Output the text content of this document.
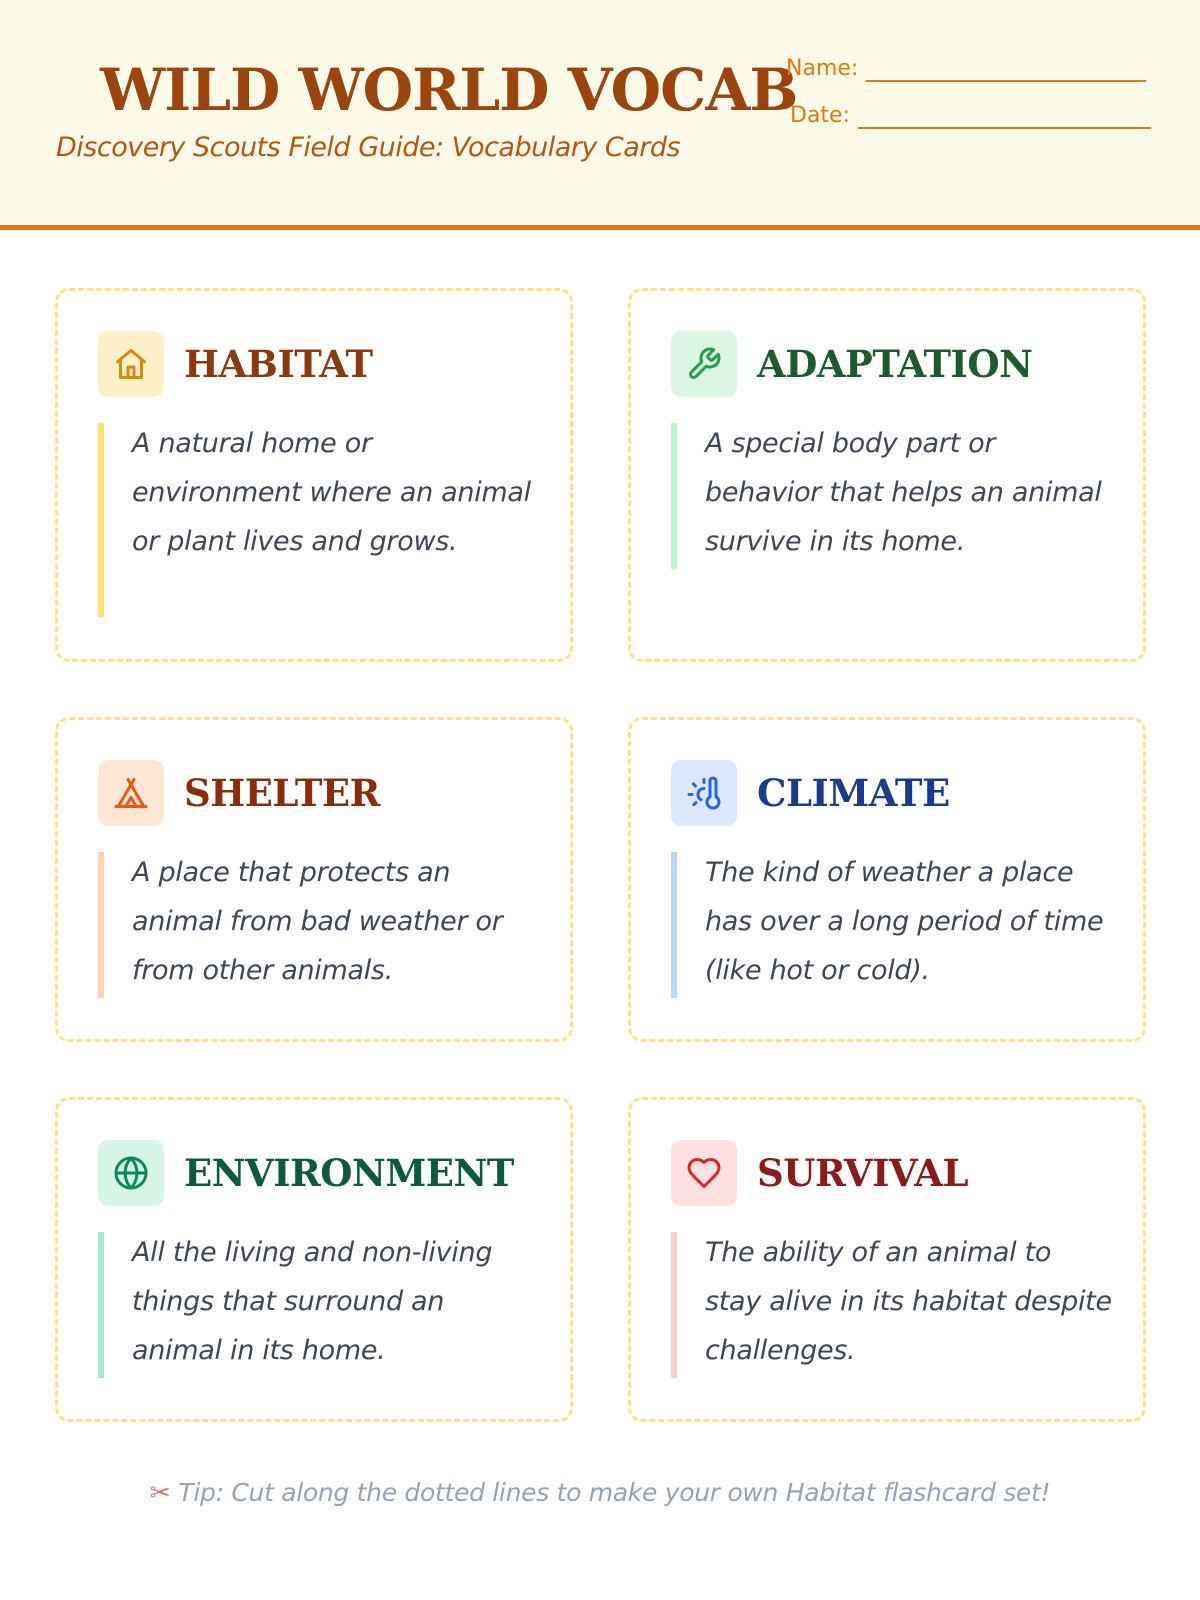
WILD WORLD VOCAB
Discovery Scouts Field Guide: Vocabulary Cards
Name:
Date:
HABITAT
A natural home or environment where an animal or plant lives and grows.
ADAPTATION
A special body part or behavior that helps an animal survive in its home.
SHELTER
A place that protects an animal from bad weather or from other animals.
CLIMATE
The kind of weather a place has over a long period of time (like hot or cold).
ENVIRONMENT
All the living and non-living things that surround an animal in its home.
SURVIVAL
The ability of an animal to stay alive in its habitat despite challenges.
✂ Tip: Cut along the dotted lines to make your own Habitat flashcard set!
